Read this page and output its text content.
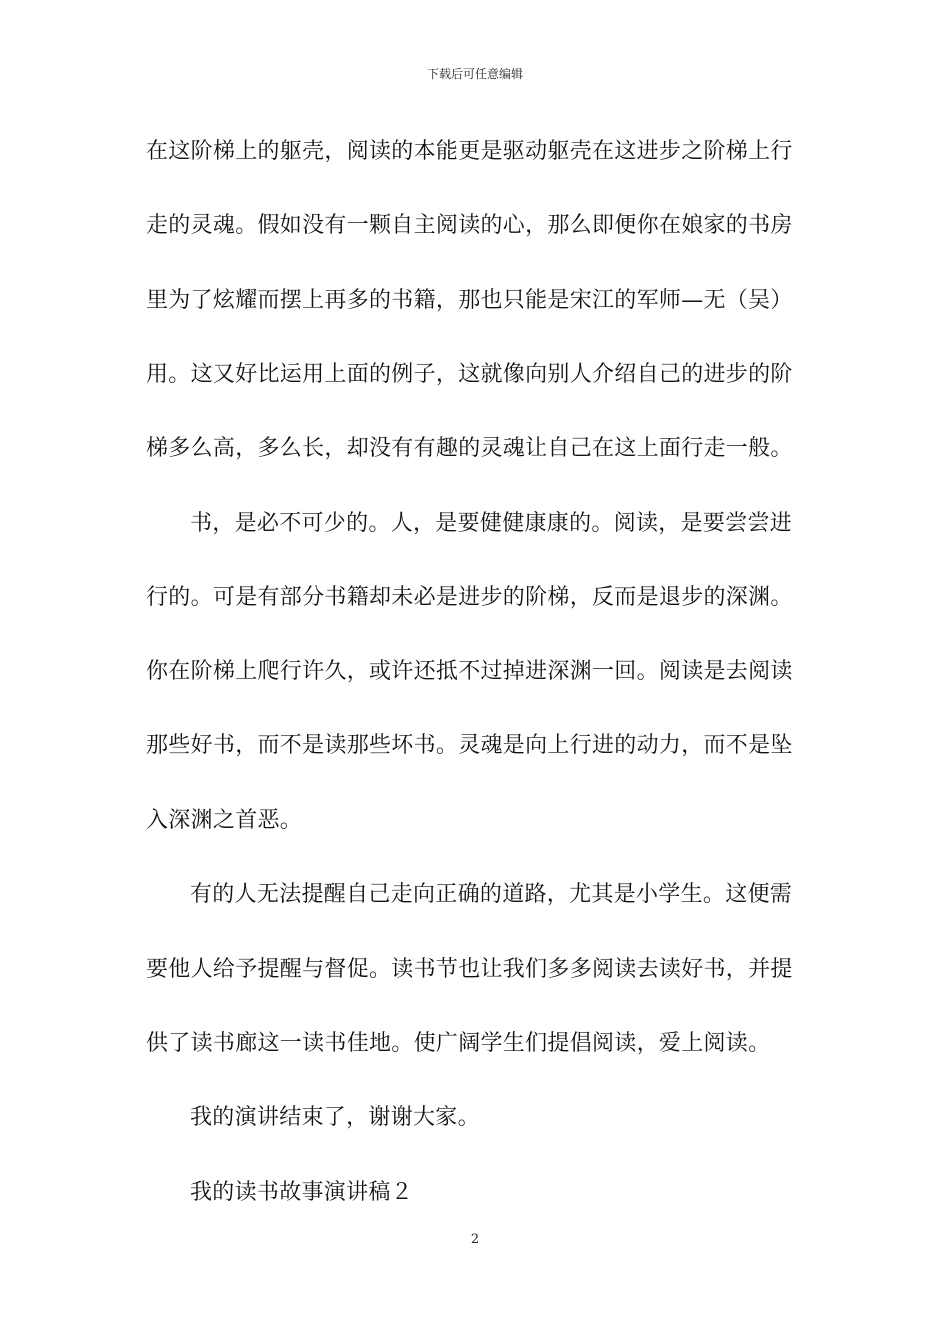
下载后可任意编辑
在这阶梯上的躯壳，阅读的本能更是驱动躯壳在这进步之阶梯上行
走的灵魂。假如没有一颗自主阅读的心，那么即便你在娘家的书房
里为了炫耀而摆上再多的书籍，那也只能是宋江的军师—无（吴）
用。这又好比运用上面的例子，这就像向别人介绍自己的进步的阶
梯多么高，多么长，却没有有趣的灵魂让自己在这上面行走一般。
书，是必不可少的。人，是要健健康康的。阅读，是要尝尝进
行的。可是有部分书籍却未必是进步的阶梯，反而是退步的深渊。
你在阶梯上爬行许久，或许还抵不过掉进深渊一回。阅读是去阅读
那些好书，而不是读那些坏书。灵魂是向上行进的动力，而不是坠
入深渊之首恶。
有的人无法提醒自己走向正确的道路，尤其是小学生。这便需
要他人给予提醒与督促。读书节也让我们多多阅读去读好书，并提
供了读书廊这一读书佳地。使广阔学生们提倡阅读，爱上阅读。
我的演讲结束了，谢谢大家。
我的读书故事演讲稿２
2
